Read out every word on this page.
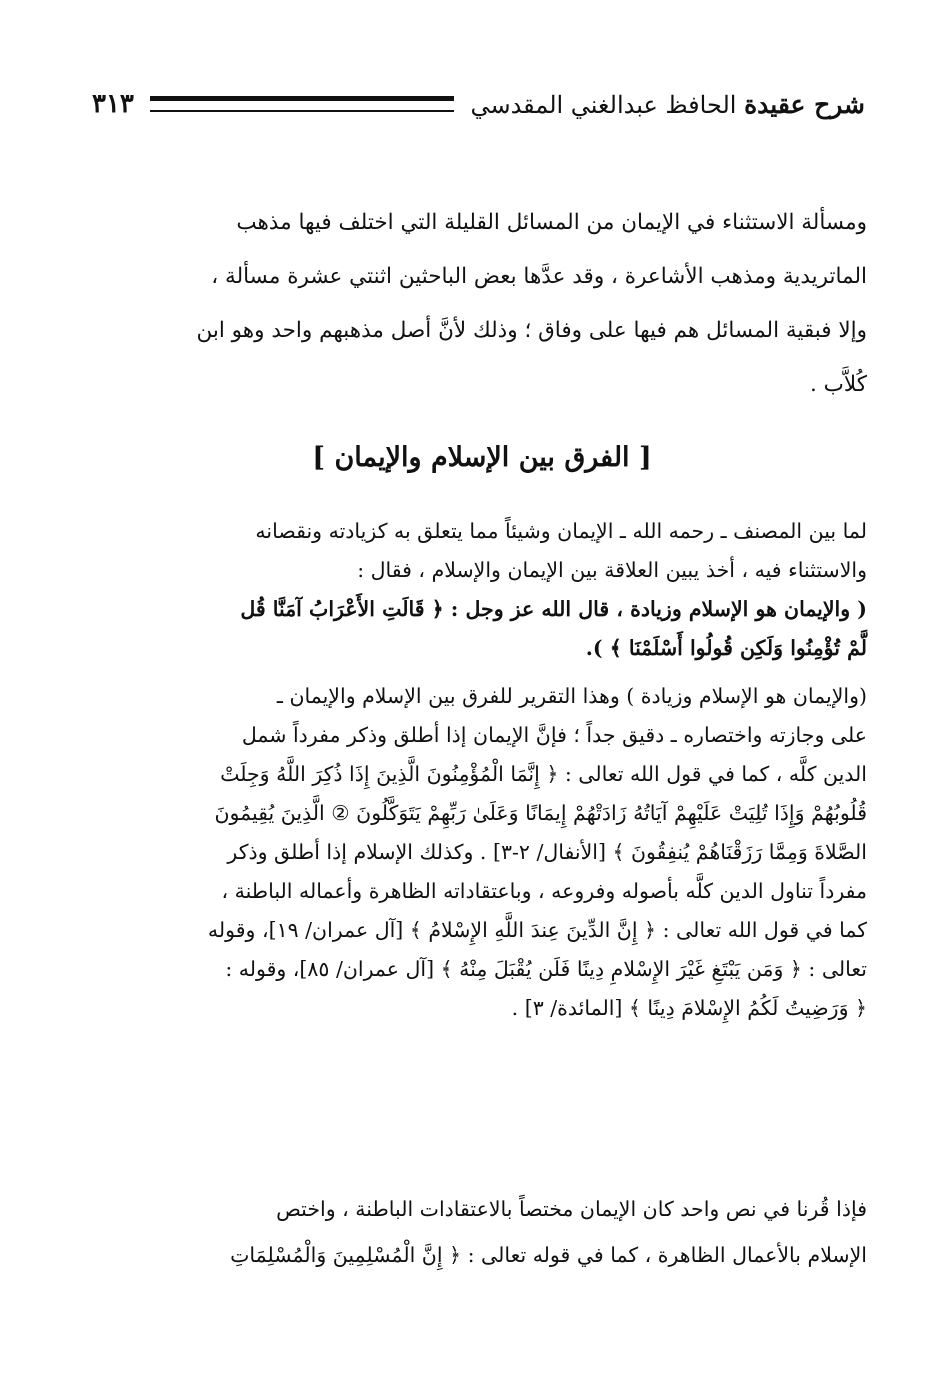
شرح عقيدة الحافظ عبدالغني المقدسي
٣١٣
ومسألة الاستثناء في الإيمان من المسائل القليلة التي اختلف فيها مذهب
الماتريدية ومذهب الأشاعرة ، وقد عدَّها بعض الباحثين اثنتي عشرة مسألة ،
وإلا فبقية المسائل هم فيها على وفاق ؛ وذلك لأنَّ أصل مذهبهم واحد وهو ابن
كُلاَّب .
[ الفرق بين الإسلام والإيمان ]
لما بين المصنف ـ رحمه الله ـ الإيمان وشيئاً مما يتعلق به كزيادته ونقصانه
والاستثناء فيه ، أخذ يبين العلاقة بين الإيمان والإسلام ، فقال :
( والإيمان هو الإسلام وزيادة ، قال الله عز وجل : ﴿ قَالَتِ الأَعْرَابُ آمَنَّا قُل
لَّمْ تُؤْمِنُوا وَلَكِن قُولُوا أَسْلَمْنَا ﴾ ).
(والإيمان هو الإسلام وزيادة ) وهذا التقرير للفرق بين الإسلام والإيمان ـ
على وجازته واختصاره ـ دقيق جداً ؛ فإنَّ الإيمان إذا أطلق وذكر مفرداً شمل
الدين كلَّه ، كما في قول الله تعالى : ﴿ إِنَّمَا الْمُؤْمِنُونَ الَّذِينَ إِذَا ذُكِرَ اللَّهُ وَجِلَتْ
قُلُوبُهُمْ وَإِذَا تُلِيَتْ عَلَيْهِمْ آيَاتُهُ زَادَتْهُمْ إِيمَانًا وَعَلَىٰ رَبِّهِمْ يَتَوَكَّلُونَ ② الَّذِينَ يُقِيمُونَ
الصَّلاةَ وَمِمَّا رَزَقْنَاهُمْ يُنفِقُونَ ﴾ [الأنفال/ ٢-٣] . وكذلك الإسلام إذا أطلق وذكر
مفرداً تناول الدين كلَّه بأصوله وفروعه ، وباعتقاداته الظاهرة وأعماله الباطنة ،
كما في قول الله تعالى : ﴿ إِنَّ الدِّينَ عِندَ اللَّهِ الإِسْلامُ ﴾ [آل عمران/ ١٩]، وقوله
تعالى : ﴿ وَمَن يَبْتَغِ غَيْرَ الإِسْلامِ دِينًا فَلَن يُقْبَلَ مِنْهُ ﴾ [آل عمران/ ٨٥]، وقوله :
﴿ وَرَضِيتُ لَكُمُ الإِسْلامَ دِينًا ﴾ [المائدة/ ٣] .
فإذا قُرنا في نص واحد كان الإيمان مختصاً بالاعتقادات الباطنة ، واختص
الإسلام بالأعمال الظاهرة ، كما في قوله تعالى : ﴿ إِنَّ الْمُسْلِمِينَ وَالْمُسْلِمَاتِ
